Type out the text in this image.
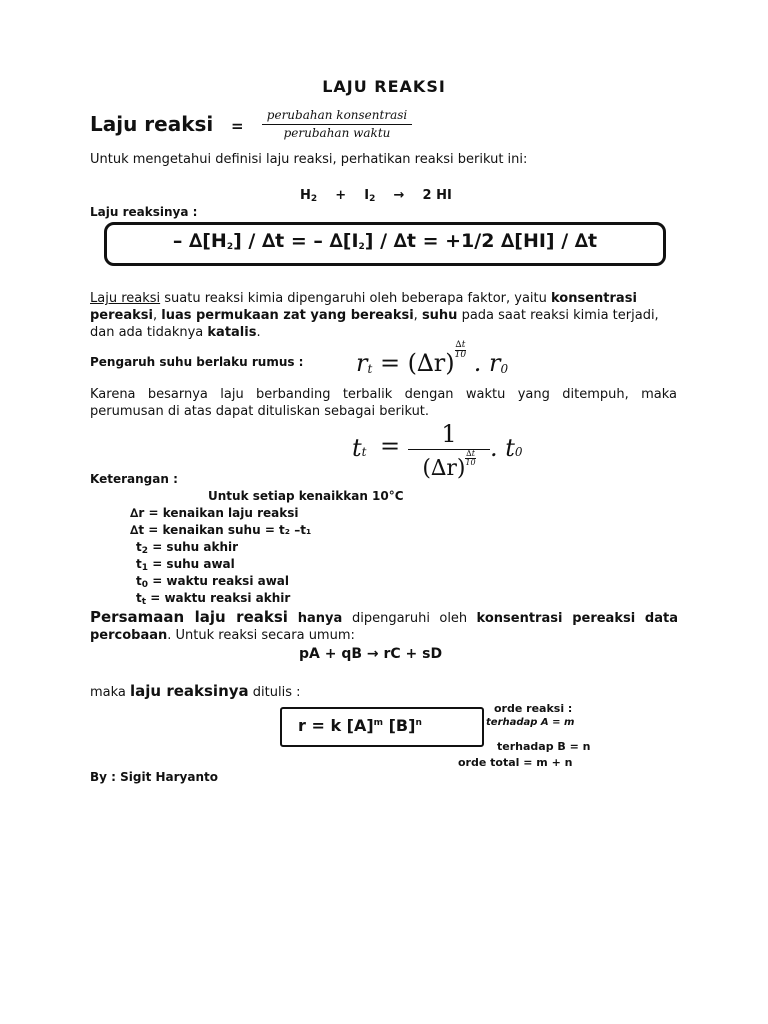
LAJU REAKSI
Laju reaksi =
perubahan konsentrasi
perubahan waktu
Untuk mengetahui definisi laju reaksi, perhatikan reaksi berikut ini:
$H_2 + I_2 \to 2$ HI
Laju reaksinya :
– $\Delta[H_2] / \Delta t$ = – $\Delta[I_2] / \Delta t = +1/2$ ∆[HI] / ∆t
Laju reaksi suatu reaksi kimia dipengaruhi oleh beberapa faktor, yaitu konsentrasi pereaksi, luas permukaan zat yang bereaksi, suhu pada saat reaksi kimia terjadi, dan ada tidaknya katalis.
Pengaruh suhu berlaku rumus : rt = $(\Delta r) \frac{\Delta t}{10}$ . r0
Karena besarnya laju berbanding terbalik dengan waktu yang ditempuh, maka perumusan di atas dapat dituliskan sebagai berikut.
tt = $\frac{1}{(\Delta r) \frac{\Delta t}{10}}$ . t0
Keterangan :
Untuk setiap kenaikkan 10°C
∆r = kenaikan laju reaksi
∆t = kenaikan suhu = t₂ –t₁
$t_2$ = suhu akhir
$t_1$ = suhu awal
$t_0$ = waktu reaksi awal
$t_t$ = waktu reaksi akhir
Persamaan laju reaksi hanya dipengaruhi oleh konsentrasi pereaksi data percobaan. Untuk reaksi secara umum:
pA + qB → rC + sD
maka laju reaksinya ditulis :
r = k $[A]^m$ $[B]^n$
orde reaksi :
terhadap A = m
terhadap B = n
orde total = m + n
By : Sigit Haryanto
